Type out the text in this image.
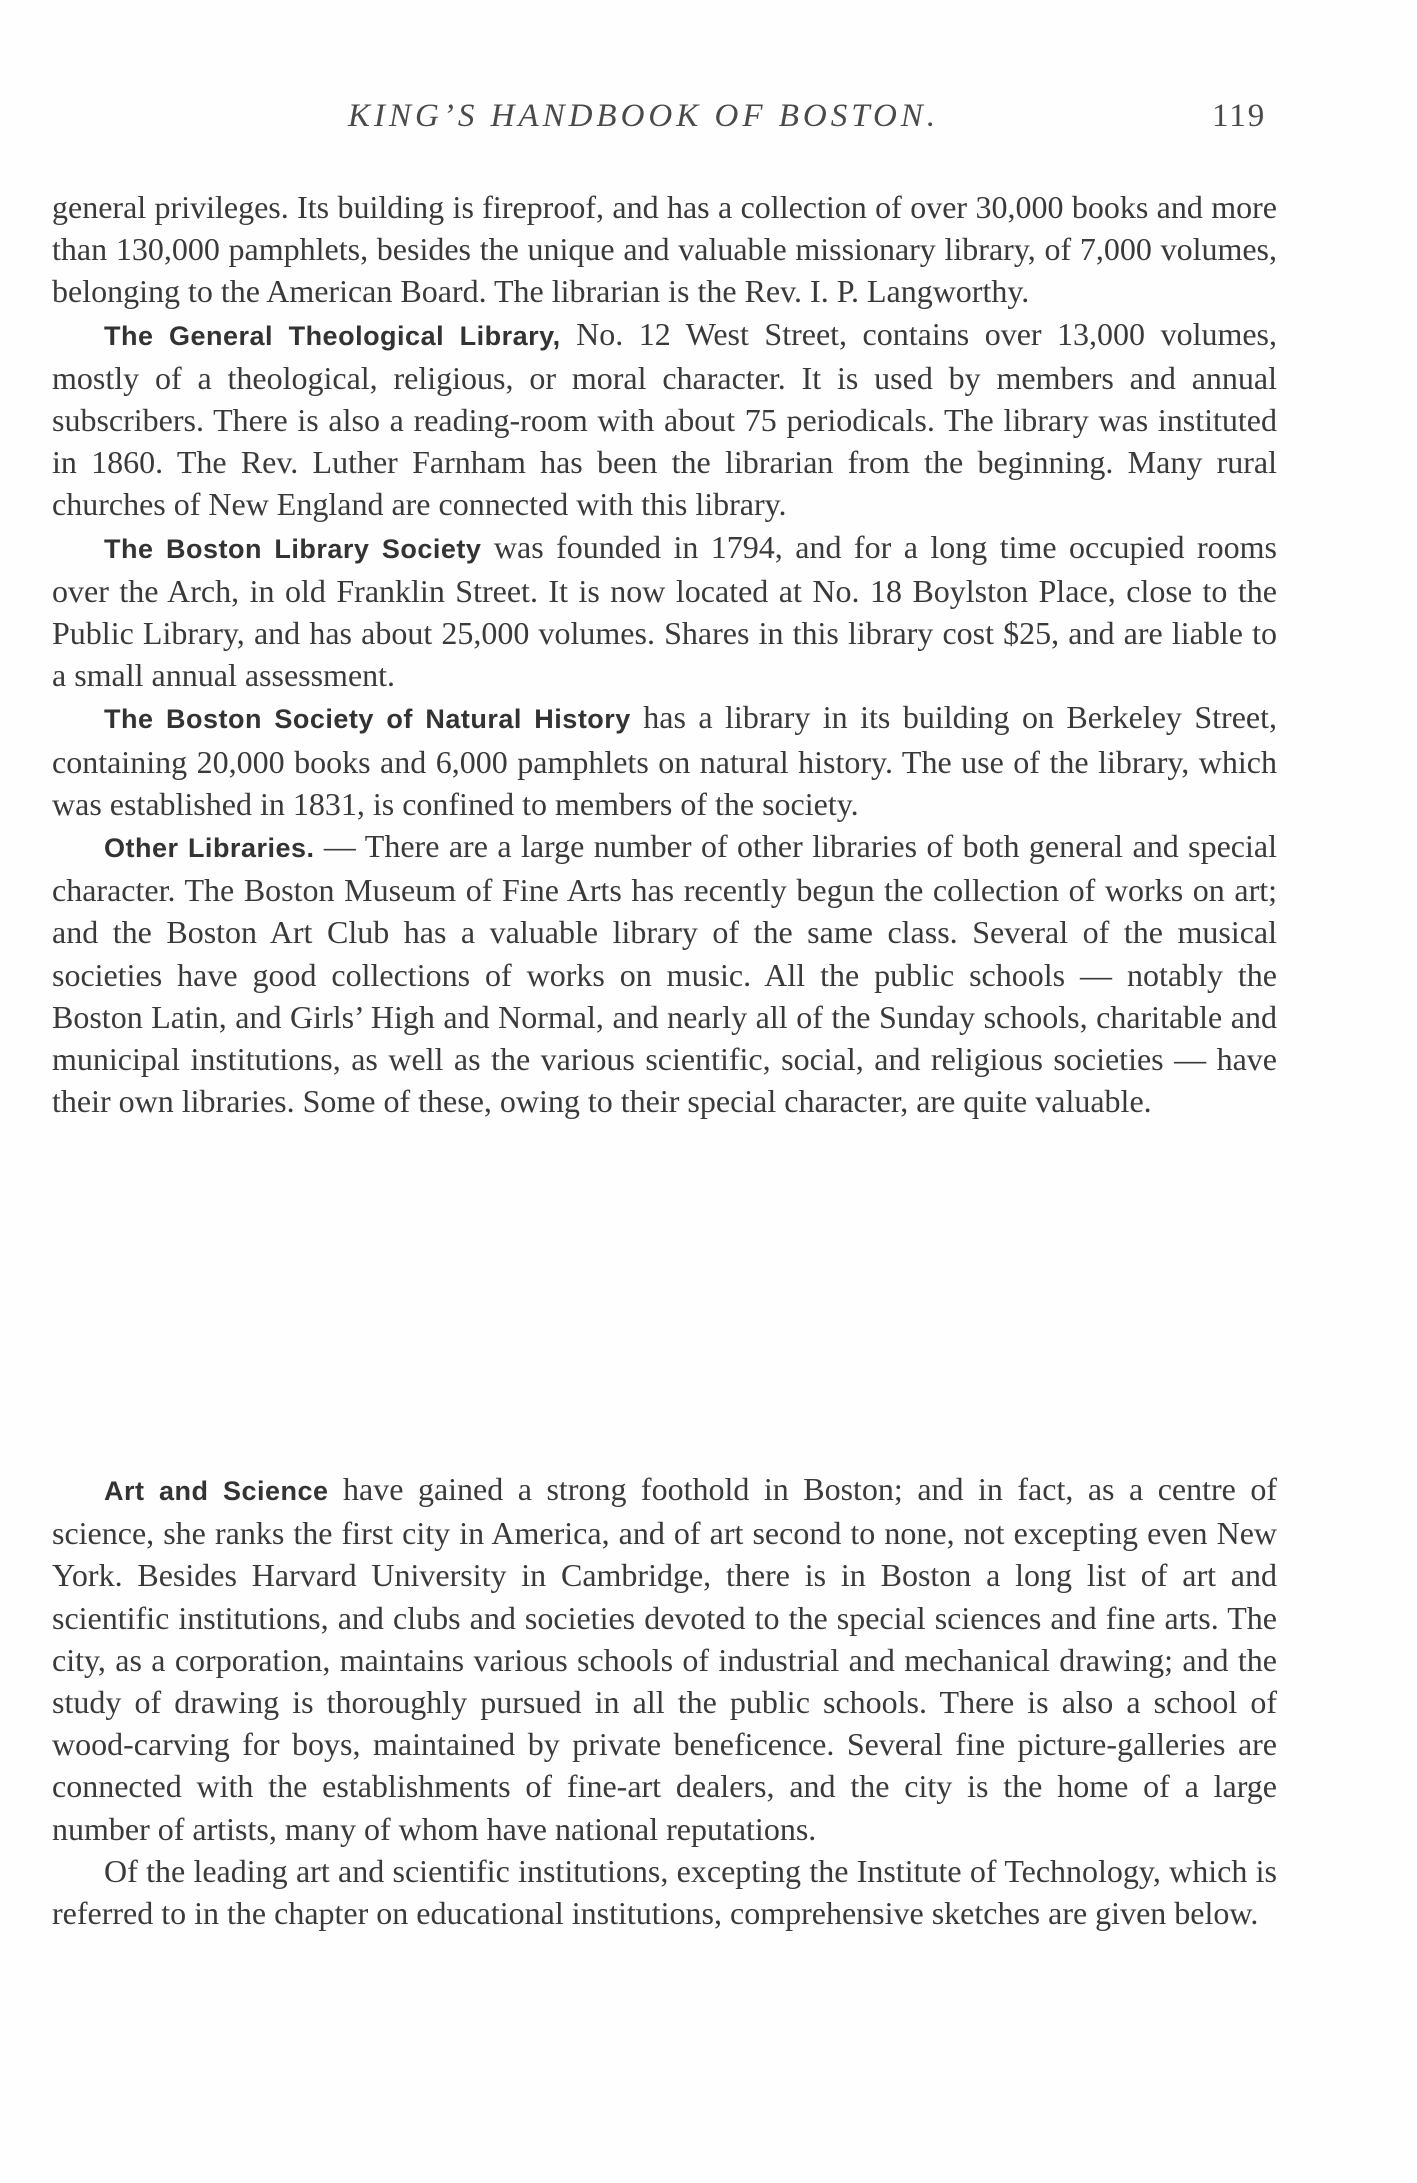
KING’S HANDBOOK OF BOSTON.	119

general privileges. Its building is fireproof, and has a collection of over 30,000 books and more than 130,000 pamphlets, besides the unique and valuable missionary library, of 7,000 volumes, belonging to the American Board. The librarian is the Rev. I. P. Langworthy.

The General Theological Library, No. 12 West Street, contains over 13,000 volumes, mostly of a theological, religious, or moral character. It is used by members and annual subscribers. There is also a reading-room with about 75 periodicals. The library was instituted in 1860. The Rev. Luther Farnham has been the librarian from the beginning. Many rural churches of New England are connected with this library.

The Boston Library Society was founded in 1794, and for a long time occupied rooms over the Arch, in old Franklin Street. It is now located at No. 18 Boylston Place, close to the Public Library, and has about 25,000 volumes. Shares in this library cost $25, and are liable to a small annual assessment.

The Boston Society of Natural History has a library in its building on Berkeley Street, containing 20,000 books and 6,000 pamphlets on natural history. The use of the library, which was established in 1831, is confined to members of the society.

Other Libraries. — There are a large number of other libraries of both general and special character. The Boston Museum of Fine Arts has recently begun the collection of works on art; and the Boston Art Club has a valuable library of the same class. Several of the musical societies have good collections of works on music. All the public schools — notably the Boston Latin, and Girls’ High and Normal, and nearly all of the Sunday schools, charitable and municipal institutions, as well as the various scientific, social, and religious societies — have their own libraries. Some of these, owing to their special character, are quite valuable.

Art and Science have gained a strong foothold in Boston; and in fact, as a centre of science, she ranks the first city in America, and of art second to none, not excepting even New York. Besides Harvard University in Cambridge, there is in Boston a long list of art and scientific institutions, and clubs and societies devoted to the special sciences and fine arts. The city, as a corporation, maintains various schools of industrial and mechanical drawing; and the study of drawing is thoroughly pursued in all the public schools. There is also a school of wood-carving for boys, maintained by private beneficence. Several fine picture-galleries are connected with the establishments of fine-art dealers, and the city is the home of a large number of artists, many of whom have national reputations.

Of the leading art and scientific institutions, excepting the Institute of Technology, which is referred to in the chapter on educational institutions, comprehensive sketches are given below.
